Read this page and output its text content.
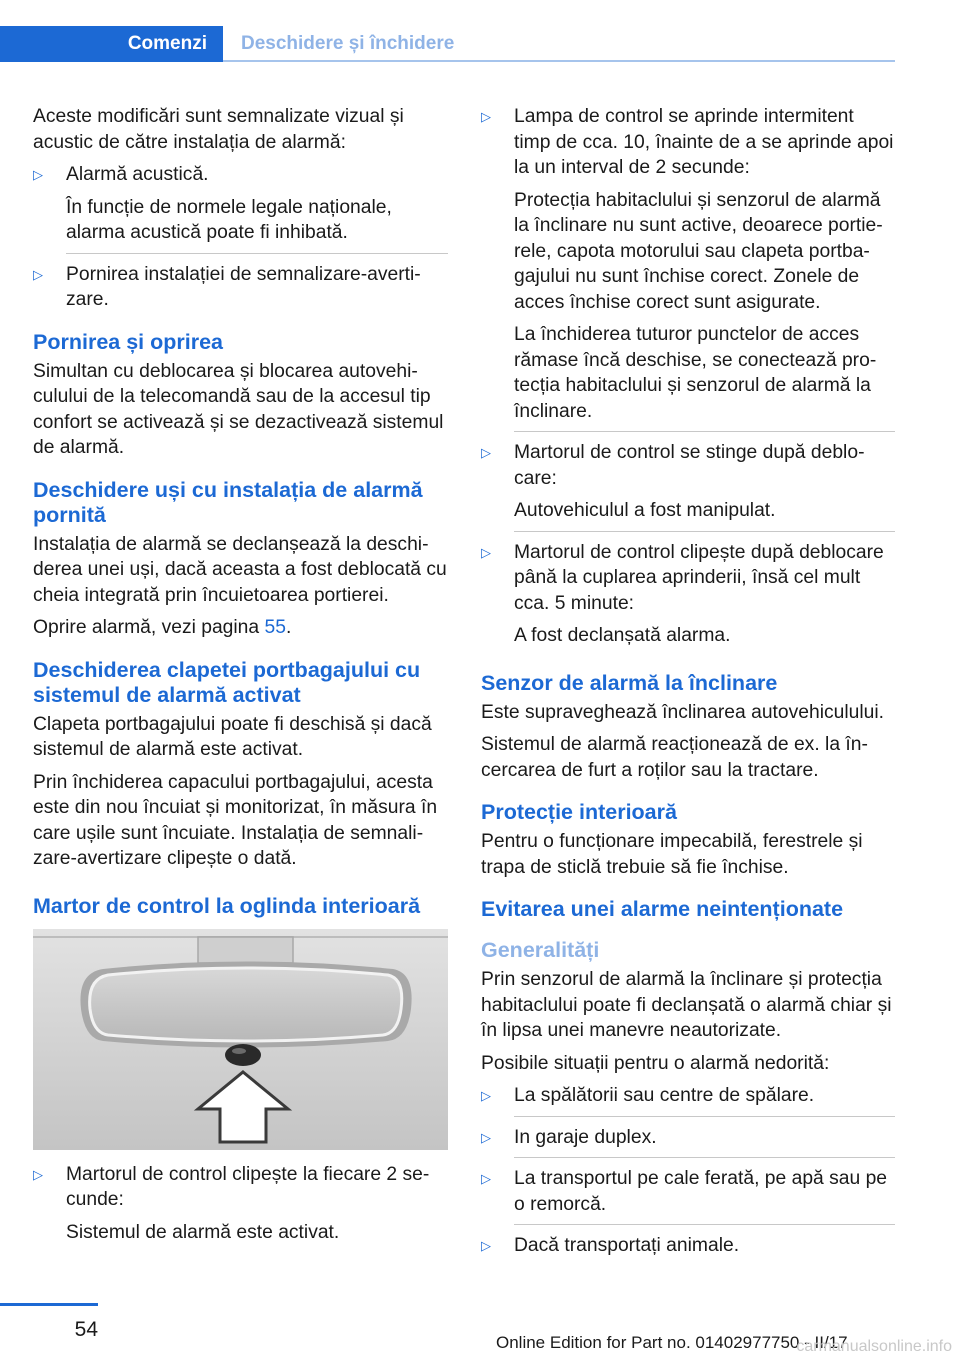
Comenzi	Deschidere și închidere

Aceste modificări sunt semnalizate vizual și acustic de către instalația de alarmă:

▷ Alarmă acustică.
În funcție de normele legale naționale, alarma acustică poate fi inhibată.
▷ Pornirea instalației de semnalizare-avertizare.
Pornirea și oprirea

Simultan cu deblocarea și blocarea autovehiculului de la telecomandă sau de la accesul tip confort se activează și se dezactivează sistemul de alarmă.

Deschidere uși cu instalația de alarmă pornită

Instalația de alarmă se declanșează la deschiderea unei uși, dacă aceasta a fost deblocată cu cheia integrată prin încuietoarea portierei.

Oprire alarmă, vezi pagina 55.

Deschiderea clapetei portbagajului cu sistemul de alarmă activat

Clapeta portbagajului poate fi deschisă și dacă sistemul de alarmă este activat.

Prin închiderea capacului portbagajului, acesta este din nou încuiat și monitorizat, în măsura în care ușile sunt încuiate. Instalația de semnalizare-avertizare clipește o dată.

Martor de control la oglinda interioară
▷ Martorul de control clipește la fiecare 2 secunde:
Sistemul de alarmă este activat.
▷ Lampa de control se aprinde intermitent timp de cca. 10, înainte de a se aprinde apoi la un interval de 2 secunde:
Protecția habitaclului și senzorul de alarmă la înclinare nu sunt active, deoarece portierele, capota motorului sau clapeta portbagajului nu sunt închise corect. Zonele de acces închise corect sunt asigurate.
La închiderea tuturor punctelor de acces rămase încă deschise, se conectează protecția habitaclului și senzorul de alarmă la înclinare.
▷ Martorul de control se stinge după deblocare:
Autovehiculul a fost manipulat.
▷ Martorul de control clipește după deblocare până la cuplarea aprinderii, însă cel mult cca. 5 minute:
A fost declanșată alarma.
Senzor de alarmă la înclinare

Este supraveghează înclinarea autovehiculului.

Sistemul de alarmă reacționează de ex. la încercarea de furt a roților sau la tractare.

Protecție interioară

Pentru o funcționare impecabilă, ferestrele și trapa de sticlă trebuie să fie închise.

Evitarea unei alarme neintenționate
Generalități

Prin senzorul de alarmă la înclinare și protecția habitaclului poate fi declanșată o alarmă chiar și în lipsa unei manevre neautorizate.

Posibile situații pentru o alarmă nedorită:

▷ La spălătorii sau centre de spălare.
▷ In garaje duplex.
▷ La transportul pe cale ferată, pe apă sau pe o remorcă.
▷ Dacă transportați animale.
54
Online Edition for Part no. 01402977750 - II/17
carmanualsonline.info
